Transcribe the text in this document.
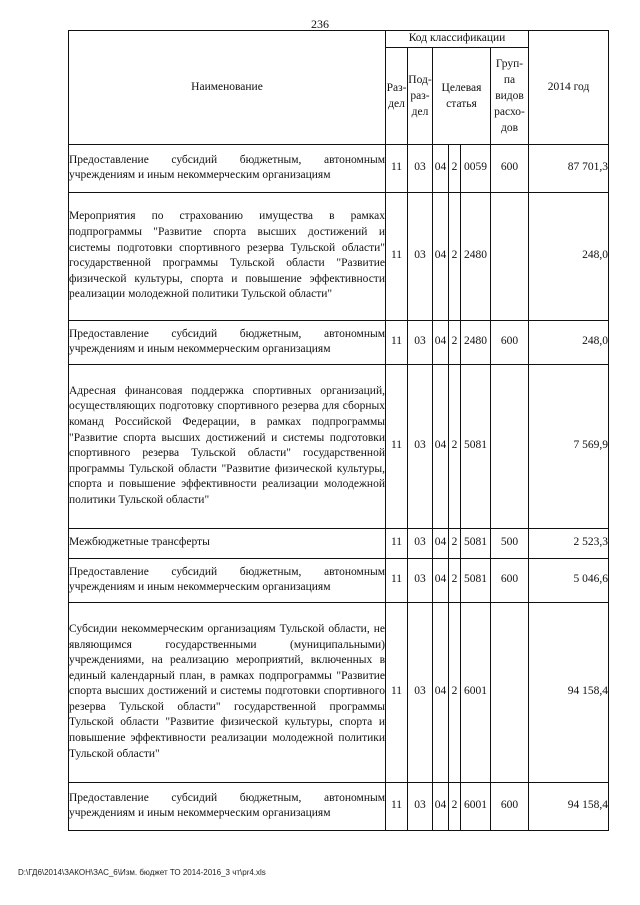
236
Наименование	Код классификации						2014 год
	Раз-дел	Под-раз-дел	Целевая статья			Груп-па видов расхо-дов	
Предоставление субсидий бюджетным, автономным учреждениям и иным некоммерческим организациям	11	03	04	2	0059	600	87 701,3
Мероприятия по страхованию имущества в рамках подпрограммы "Развитие спорта высших достижений и системы подготовки спортивного резерва Тульской области" государственной программы Тульской области "Развитие физической культуры, спорта и повышение эффективности реализации молодежной политики Тульской области"	11	03	04	2	2480		248,0
Предоставление субсидий бюджетным, автономным учреждениям и иным некоммерческим организациям	11	03	04	2	2480	600	248,0
Адресная финансовая поддержка спортивных организаций, осуществляющих подготовку спортивного резерва для сборных команд Российской Федерации, в рамках подпрограммы "Развитие спорта высших достижений и системы подготовки спортивного резерва Тульской области" государственной программы Тульской области "Развитие физической культуры, спорта и повышение эффективности реализации молодежной политики Тульской области"	11	03	04	2	5081		7 569,9
Межбюджетные трансферты	11	03	04	2	5081	500	2 523,3
Предоставление субсидий бюджетным, автономным учреждениям и иным некоммерческим организациям	11	03	04	2	5081	600	5 046,6
Субсидии некоммерческим организациям Тульской области, не являющимся государственными (муниципальными) учреждениями, на реализацию мероприятий, включенных в единый календарный план, в рамках подпрограммы "Развитие спорта высших достижений и системы подготовки спортивного резерва Тульской области" государственной программы Тульской области "Развитие физической культуры, спорта и повышение эффективности реализации молодежной политики Тульской области"	11	03	04	2	6001		94 158,4
Предоставление субсидий бюджетным, автономным учреждениям и иным некоммерческим организациям	11	03	04	2	6001	600	94 158,4
D:\ГД6\2014\ЗАКОН\ЗАС_6\Изм. бюджет ТО 2014-2016_3 чт\pr4.xls
